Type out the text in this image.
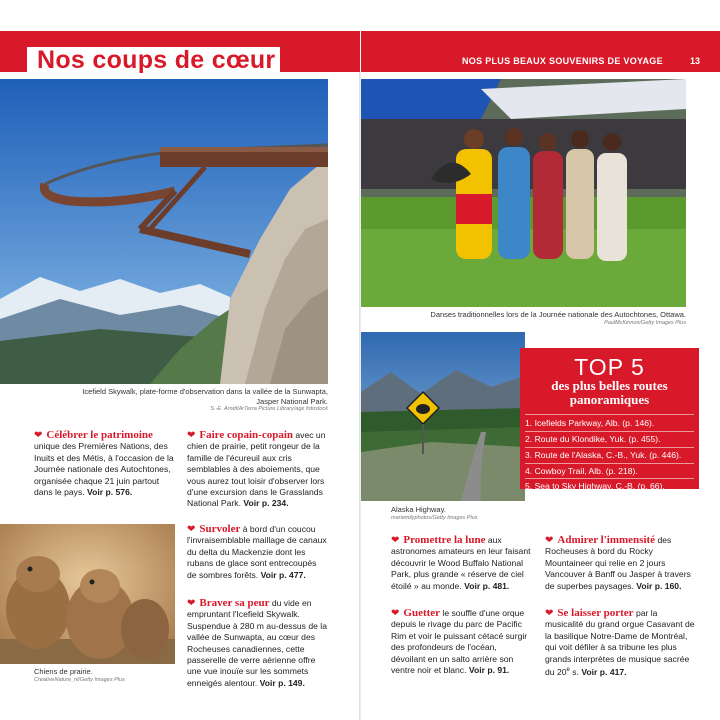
Nos coups de cœur	NOS PLUS BEAUX SOUVENIRS DE VOYAGE	13
Icefield Skywalk, plate-forme d'observation dans la vallée de la Sunwapta, Jasper National Park.
S.-E. Arndt/ArTerra Picture Library/age fotostock
Danses traditionnelles lors de la Journée nationale des Autochtones, Ottawa.
PaulMcKinnon/Getty Images Plus
Alaska Highway.
mariemilyphotos/Getty Images Plus
Chiens de prairie.
CreativeNature_nl/Getty Images Plus
❤ Célébrer le patrimoine unique des Premières Nations, des Inuits et des Métis, à l'occasion de la Journée nationale des Autochtones, organisée chaque 21 juin partout dans le pays. Voir p. 576.
❤ Faire copain-copain avec un chien de prairie, petit rongeur de la famille de l'écureuil aux cris semblables à des aboiements, que vous aurez tout loisir d'observer lors d'une excursion dans le Grasslands National Park. Voir p. 234.
❤ Survoler à bord d'un coucou l'invraisemblable maillage de canaux du delta du Mackenzie dont les rubans de glace sont entrecoupés de sombres forêts. Voir p. 477.
❤ Braver sa peur du vide en empruntant l'Icefield Skywalk. Suspendue à 280 m au-dessus de la vallée de Sunwapta, au cœur des Rocheuses canadiennes, cette passerelle de verre aérienne offre une vue inouïe sur les sommets enneigés alentour. Voir p. 149.
❤ Promettre la lune aux astronomes amateurs en leur faisant découvrir le Wood Buffalo National Park, plus grande « réserve de ciel étoilé » au monde. Voir p. 481.
❤ Guetter le souffle d'une orque depuis le rivage du parc de Pacific Rim et voir le puissant cétacé surgir des profondeurs de l'océan, dévoilant en un salto arrière son ventre noir et blanc. Voir p. 91.
❤ Admirer l'immensité des Rocheuses à bord du Rocky Mountaineer qui relie en 2 jours Vancouver à Banff ou Jasper à travers de superbes paysages. Voir p. 160.
❤ Se laisser porter par la musicalité du grand orgue Casavant de la basilique Notre-Dame de Montréal, qui voit défiler à sa tribune les plus grands interprètes de musique sacrée du 20e s. Voir p. 417.
TOP 5
des plus belles routes panoramiques
1. Icefields Parkway, Alb. (p. 146).
2. Route du Klondike, Yuk. (p. 455).
3. Route de l'Alaska, C.-B., Yuk. (p. 446).
4. Cowboy Trail, Alb. (p. 218).
5. Sea to Sky Highway, C.-B. (p. 66).
